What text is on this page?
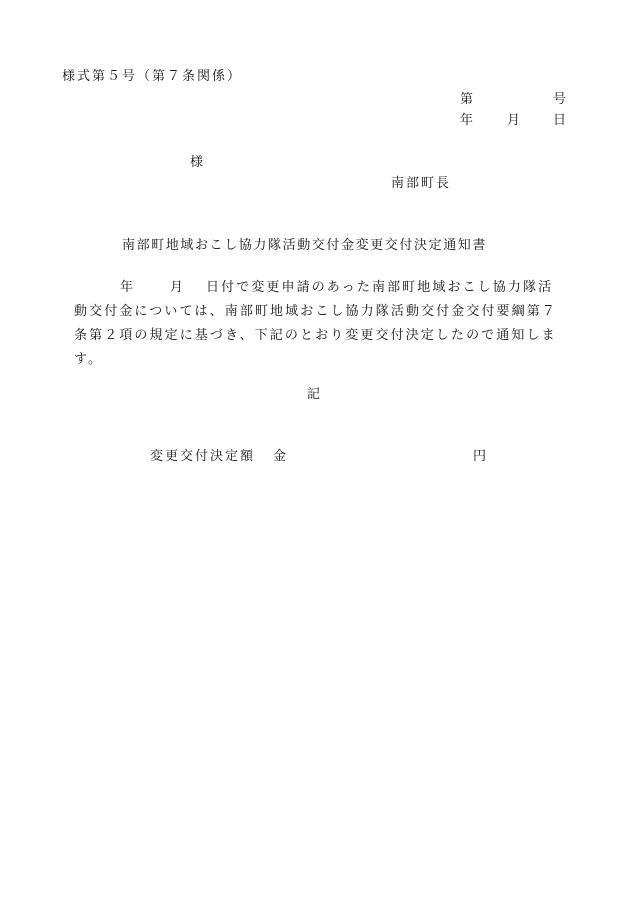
様式第５号（第７条関係）
第	号
年	月	日
様
南部町長
南部町地域おこし協力隊活動交付金変更交付決定通知書
年	月 日付で変更申請のあった南部町地域おこし協力隊活
動交付金については、南部町地域おこし協力隊活動交付金交付要綱第７
条第２項の規定に基づき、下記のとおり変更交付決定したので通知しま
す。
記
変更交付決定額 金	円
